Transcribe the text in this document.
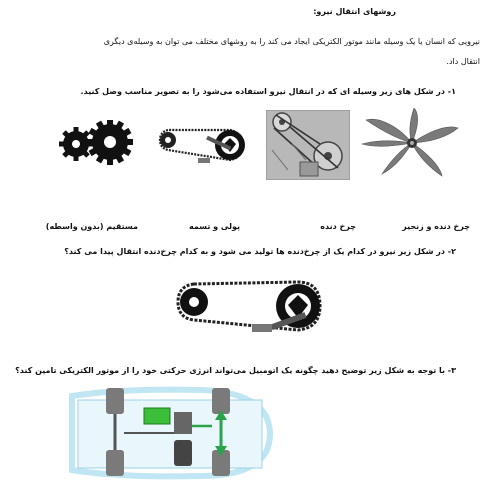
روشهای انتقال نیرو:
نیرویی که انسان یا یک وسیله مانند موتور الکتریکی ایجاد می کند را به روشهای مختلف می توان به وسیله‌ی دیگری
انتقال داد.
۱- در شکل های زیر وسیله ای که در انتقال نیرو استفاده می‌شود را به تصویر مناسب وصل کنید.
چرخ دنده و زنجیر
چرخ دنده
پولی و تسمه
مستقیم (بدون واسطه)
۲- در شکل زیر نیرو در کدام یک از چرخ‌دنده ها تولید می شود و به کدام چرخ‌دنده انتقال پیدا می کند؟
۳- با توجه به شکل زیر توضیح دهید چگونه یک اتومبیل می‌تواند انرژی حرکتی خود را از موتور الکتریکی تامین کند؟
